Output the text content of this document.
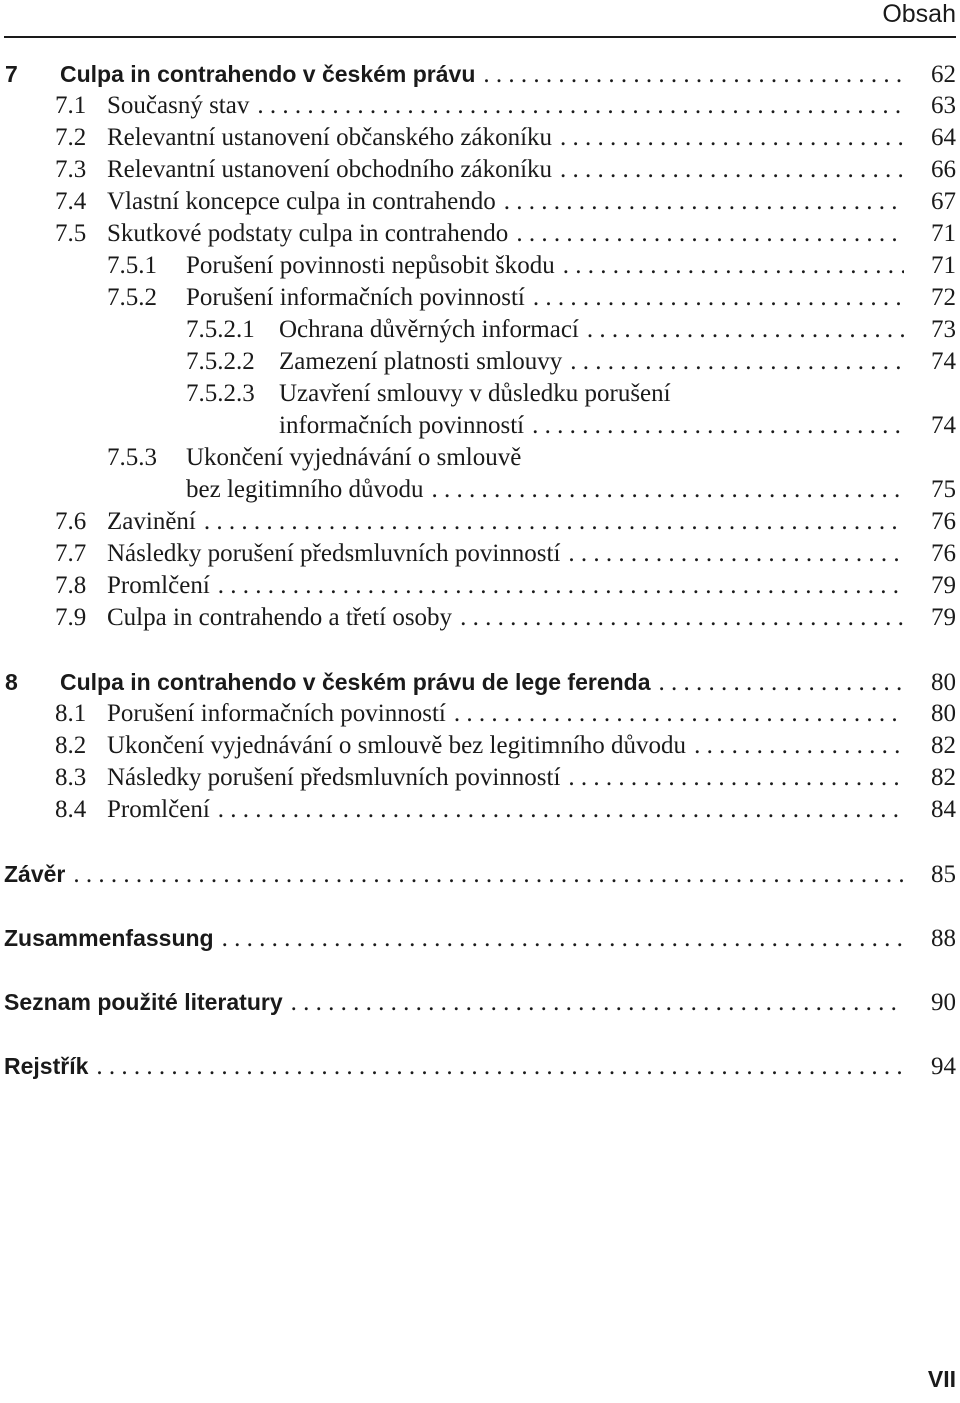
Obsah
7	Culpa in contrahendo v českém právu . . .	62
7.1 Současný stav . . .	63
7.2 Relevantní ustanovení občanského zákoníku . . .	64
7.3 Relevantní ustanovení obchodního zákoníku . . .	66
7.4 Vlastní koncepce culpa in contrahendo . . .	67
7.5 Skutkové podstaty culpa in contrahendo . . .	71
7.5.1	Porušení povinnosti nepůsobit škodu . . .	71
7.5.2	Porušení informačních povinností . . .	72
7.5.2.1 Ochrana důvěrných informací . . .	73
7.5.2.2 Zamezení platnosti smlouvy . . .	74
7.5.2.3 Uzavření smlouvy v důsledku porušení
informačních povinností . . .	74
7.5.3	Ukončení vyjednávání o smlouvě
bez legitimního důvodu . . .	75
7.6 Zavinění . . .	76
7.7 Následky porušení předsmluvních povinností . . .	76
7.8 Promlčení . . .	79
7.9 Culpa in contrahendo a třetí osoby . . .	79
8	Culpa in contrahendo v českém právu de lege ferenda . . .	80
8.1 Porušení informačních povinností . . .	80
8.2 Ukončení vyjednávání o smlouvě bez legitimního důvodu . . .	82
8.3 Následky porušení předsmluvních povinností . . .	82
8.4 Promlčení . . .	84
Závěr . . .	85
Zusammenfassung . . .	88
Seznam použité literatury . . .	90
Rejstřík . . .	94
VII
